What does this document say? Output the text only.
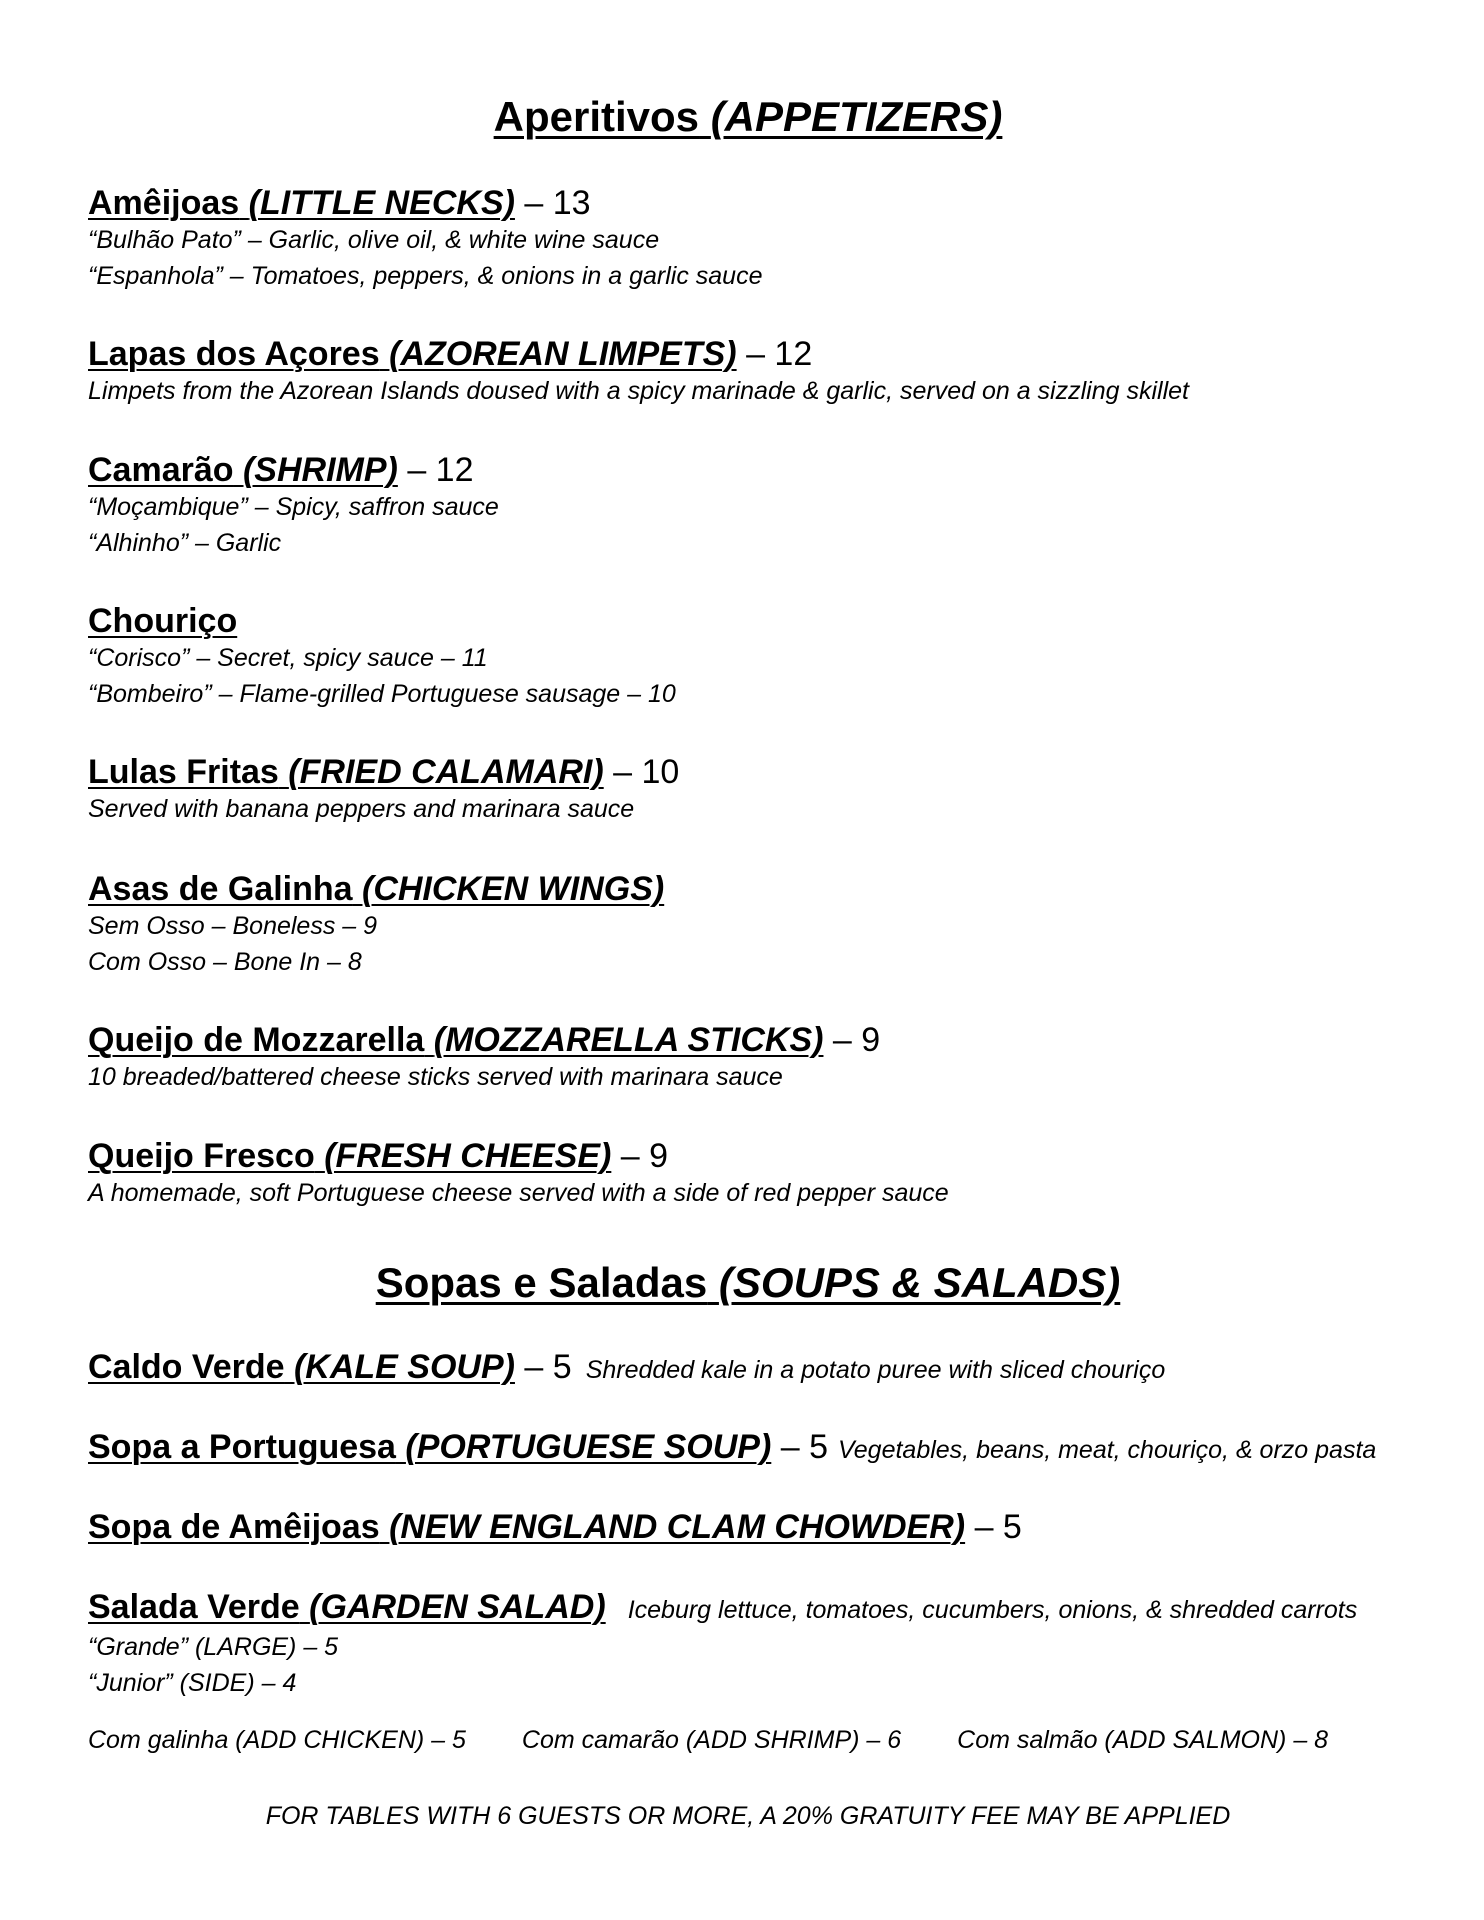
Aperitivos (APPETIZERS)
Amêijoas (LITTLE NECKS) – 13
“Bulhão Pato” – Garlic, olive oil, & white wine sauce
“Espanhola” – Tomatoes, peppers, & onions in a garlic sauce
Lapas dos Açores (AZOREAN LIMPETS) – 12
Limpets from the Azorean Islands doused with a spicy marinade & garlic, served on a sizzling skillet
Camarão (SHRIMP) – 12
“Moçambique” – Spicy, saffron sauce
“Alhinho” – Garlic
Chouriço
“Corisco” – Secret, spicy sauce – 11
“Bombeiro” – Flame-grilled Portuguese sausage – 10
Lulas Fritas (FRIED CALAMARI) – 10
Served with banana peppers and marinara sauce
Asas de Galinha (CHICKEN WINGS)
Sem Osso – Boneless – 9
Com Osso – Bone In – 8
Queijo de Mozzarella (MOZZARELLA STICKS) – 9
10 breaded/battered cheese sticks served with marinara sauce
Queijo Fresco (FRESH CHEESE) – 9
A homemade, soft Portuguese cheese served with a side of red pepper sauce
Sopas e Saladas (SOUPS & SALADS)
Caldo Verde (KALE SOUP) – 5 Shredded kale in a potato puree with sliced chouriço
Sopa a Portuguesa (PORTUGUESE SOUP) – 5 Vegetables, beans, meat, chouriço, & orzo pasta
Sopa de Amêijoas (NEW ENGLAND CLAM CHOWDER) – 5
Salada Verde (GARDEN SALAD) Iceburg lettuce, tomatoes, cucumbers, onions, & shredded carrots
“Grande” (LARGE) – 5
“Junior” (SIDE) – 4
Com galinha (ADD CHICKEN) – 5 Com camarão (ADD SHRIMP) – 6 Com salmão (ADD SALMON) – 8
FOR TABLES WITH 6 GUESTS OR MORE, A 20% GRATUITY FEE MAY BE APPLIED
